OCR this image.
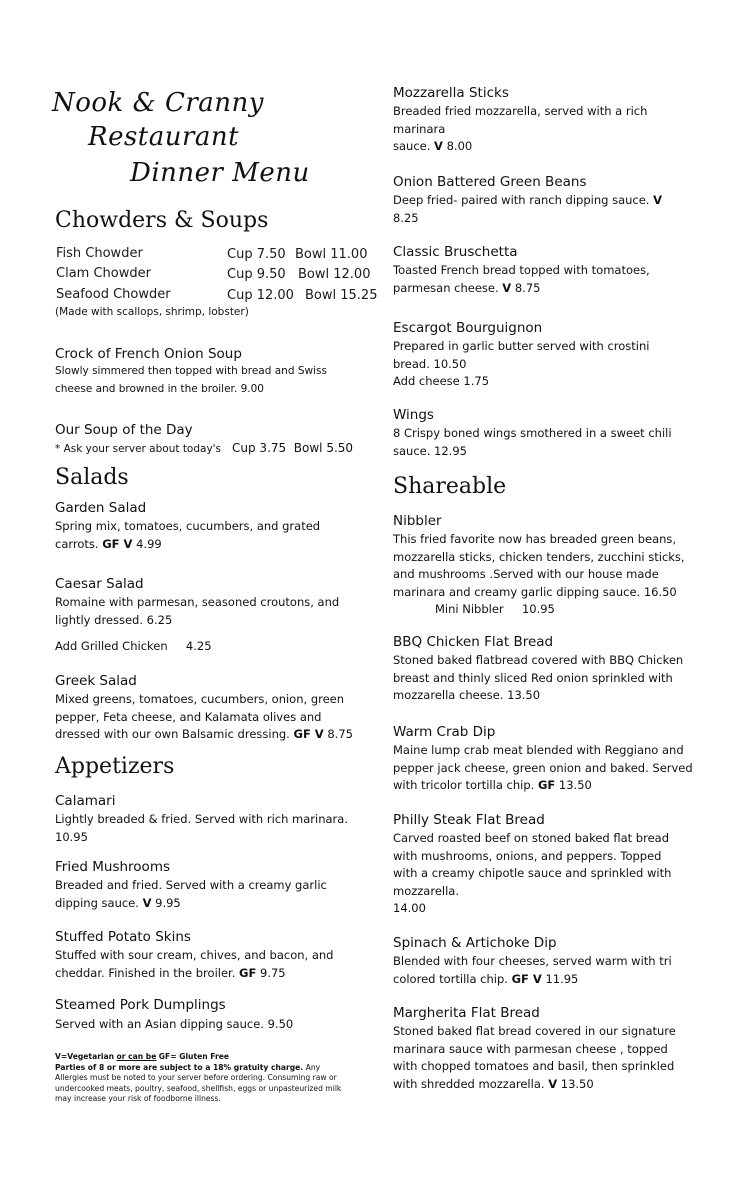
Nook & Cranny
Restaurant
Dinner Menu
Chowders & Soups
Fish Chowder	Cup 7.50 Bowl 11.00
Clam Chowder	Cup 9.50 Bowl 12.00
Seafood Chowder	Cup 12.00 Bowl 15.25
(Made with scallops, shrimp, lobster)
Crock of French Onion Soup
Slowly simmered then topped with bread and Swiss cheese and browned in the broiler. 9.00
Our Soup of the Day
* Ask your server about today's Cup 3.75 Bowl 5.50
Salads
Garden Salad
Spring mix, tomatoes, cucumbers, and grated carrots. GF V 4.99
Caesar Salad
Romaine with parmesan, seasoned croutons, and lightly dressed. 6.25
Add Grilled Chicken 4.25
Greek Salad
Mixed greens, tomatoes, cucumbers, onion, green pepper, Feta cheese, and Kalamata olives and dressed with our own Balsamic dressing. GF V 8.75
Appetizers
Calamari
Lightly breaded & fried. Served with rich marinara. 10.95
Fried Mushrooms
Breaded and fried. Served with a creamy garlic dipping sauce. V 9.95
Stuffed Potato Skins
Stuffed with sour cream, chives, and bacon, and cheddar. Finished in the broiler. GF 9.75
Steamed Pork Dumplings
Served with an Asian dipping sauce. 9.50
V=Vegetarian or can be GF= Gluten Free
Parties of 8 or more are subject to a 18% gratuity charge. Any Allergies must be noted to your server before ordering. Consuming raw or undercooked meats, poultry, seafood, shellfish, eggs or unpasteurized milk may increase your risk of foodborne illness.
Mozzarella Sticks
Breaded fried mozzarella, served with a rich marinara
sauce. V 8.00
Onion Battered Green Beans
Deep fried- paired with ranch dipping sauce. V 8.25
Classic Bruschetta
Toasted French bread topped with tomatoes, parmesan cheese. V 8.75
Escargot Bourguignon
Prepared in garlic butter served with crostini bread. 10.50
Add cheese 1.75
Wings
8 Crispy boned wings smothered in a sweet chili sauce. 12.95
Shareable
Nibbler
This fried favorite now has breaded green beans, mozzarella sticks, chicken tenders, zucchini sticks, and mushrooms .Served with our house made marinara and creamy garlic dipping sauce. 16.50
Mini Nibbler 10.95
BBQ Chicken Flat Bread
Stoned baked flatbread covered with BBQ Chicken breast and thinly sliced Red onion sprinkled with mozzarella cheese. 13.50
Warm Crab Dip
Maine lump crab meat blended with Reggiano and pepper jack cheese, green onion and baked. Served with tricolor tortilla chip. GF 13.50
Philly Steak Flat Bread
Carved roasted beef on stoned baked flat bread with mushrooms, onions, and peppers. Topped with a creamy chipotle sauce and sprinkled with mozzarella.
14.00
Spinach & Artichoke Dip
Blended with four cheeses, served warm with tri colored tortilla chip. GF V 11.95
Margherita Flat Bread
Stoned baked flat bread covered in our signature marinara sauce with parmesan cheese , topped with chopped tomatoes and basil, then sprinkled with shredded mozzarella. V 13.50
